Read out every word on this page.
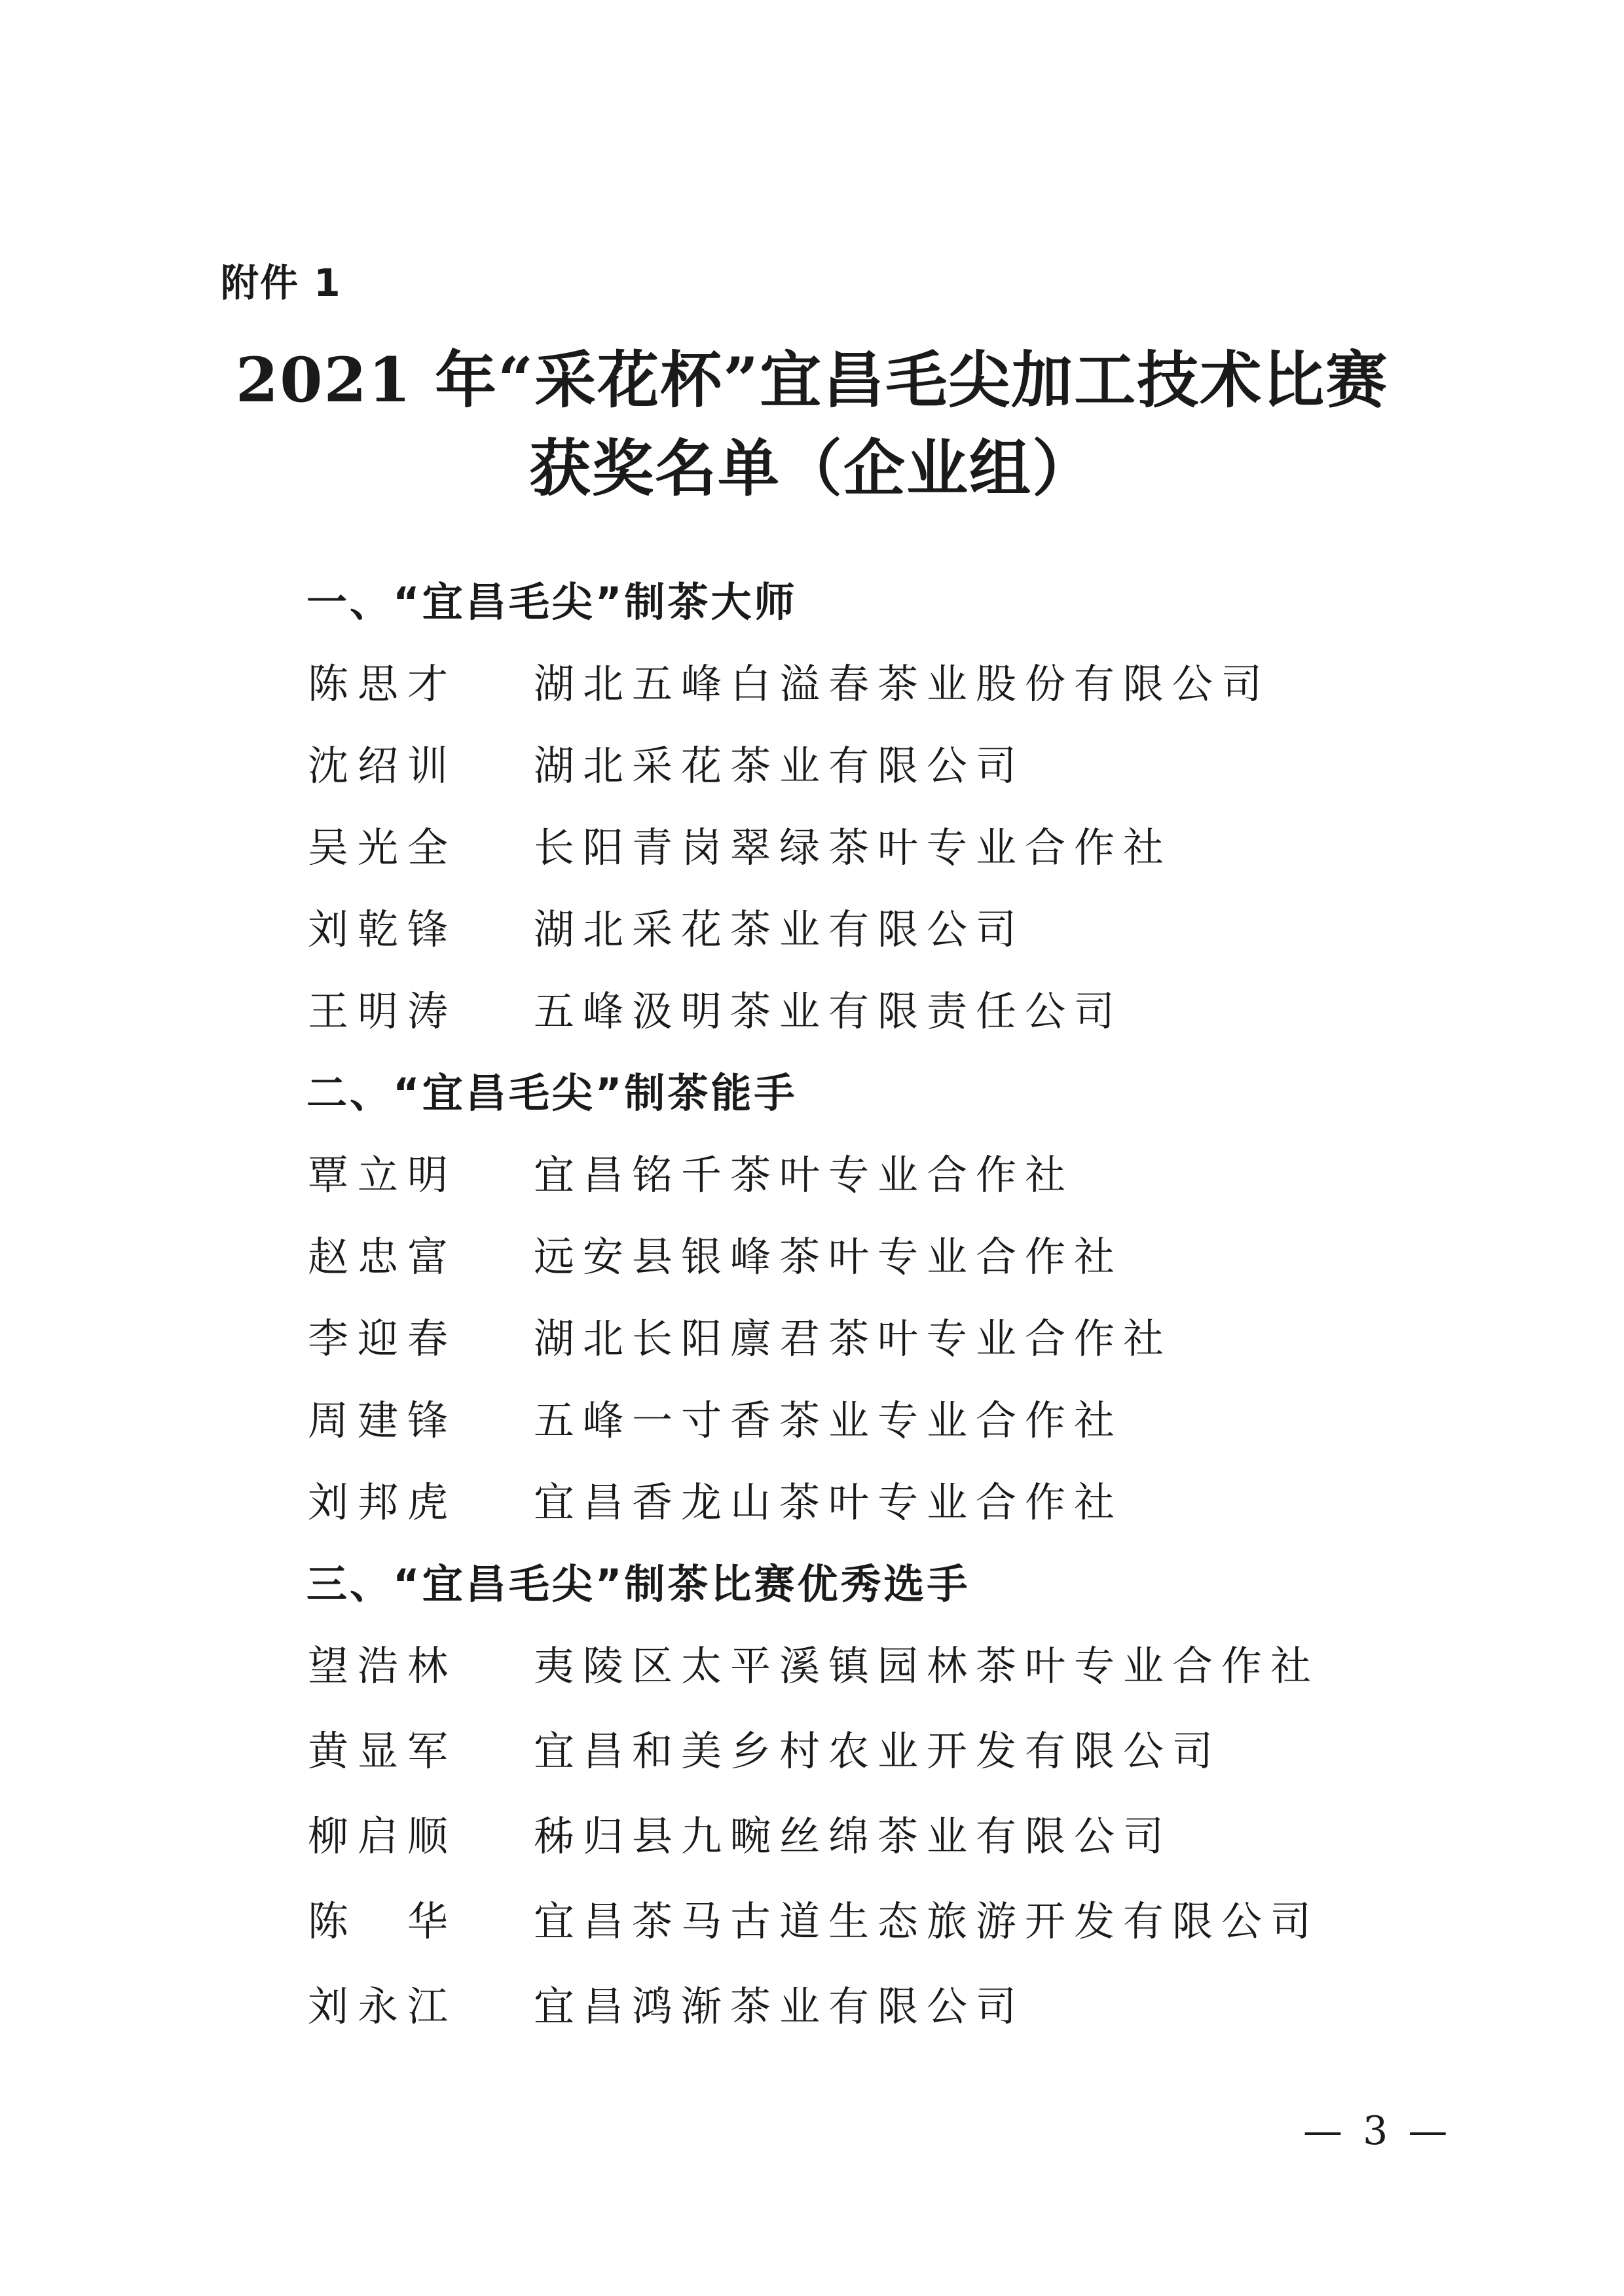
附件 1
2021 年“采花杯”宜昌毛尖加工技术比赛
获奖名单（企业组）
一、“宜昌毛尖”制茶大师
陈思才 湖北五峰白溢春茶业股份有限公司
沈绍训 湖北采花茶业有限公司
吴光全 长阳青岗翠绿茶叶专业合作社
刘乾锋 湖北采花茶业有限公司
王明涛 五峰汲明茶业有限责任公司
二、“宜昌毛尖”制茶能手
覃立明 宜昌铭千茶叶专业合作社
赵忠富 远安县银峰茶叶专业合作社
李迎春 湖北长阳廪君茶叶专业合作社
周建锋 五峰一寸香茶业专业合作社
刘邦虎 宜昌香龙山茶叶专业合作社
三、“宜昌毛尖”制茶比赛优秀选手
望浩林 夷陵区太平溪镇园林茶叶专业合作社
黄显军 宜昌和美乡村农业开发有限公司
柳启顺 秭归县九畹丝绵茶业有限公司
陈　华 宜昌茶马古道生态旅游开发有限公司
刘永江 宜昌鸿渐茶业有限公司
— 3 —
